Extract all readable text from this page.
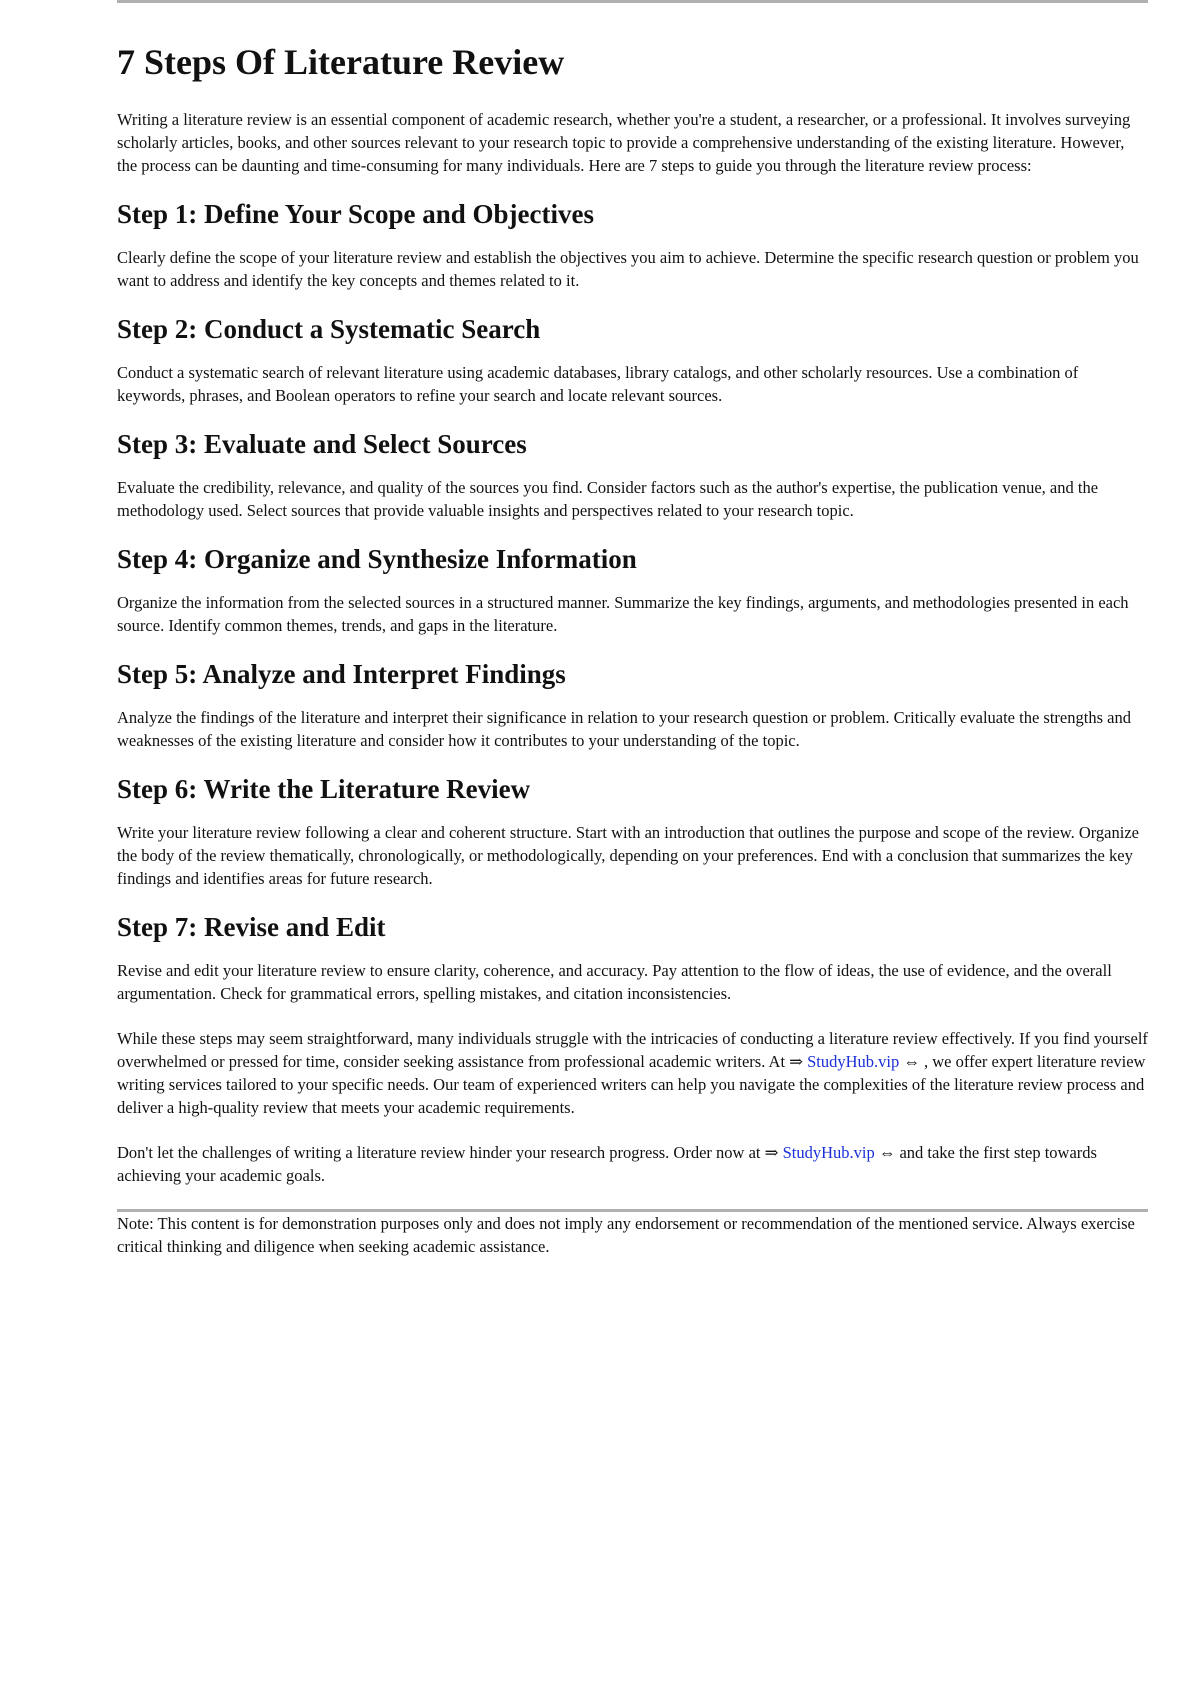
7 Steps Of Literature Review

Writing a literature review is an essential component of academic research, whether you're a student, a researcher, or a professional. It involves surveying scholarly articles, books, and other sources relevant to your research topic to provide a comprehensive understanding of the existing literature. However, the process can be daunting and time-consuming for many individuals. Here are 7 steps to guide you through the literature review process:

Step 1: Define Your Scope and Objectives

Clearly define the scope of your literature review and establish the objectives you aim to achieve. Determine the specific research question or problem you want to address and identify the key concepts and themes related to it.

Step 2: Conduct a Systematic Search

Conduct a systematic search of relevant literature using academic databases, library catalogs, and other scholarly resources. Use a combination of keywords, phrases, and Boolean operators to refine your search and locate relevant sources.

Step 3: Evaluate and Select Sources

Evaluate the credibility, relevance, and quality of the sources you find. Consider factors such as the author's expertise, the publication venue, and the methodology used. Select sources that provide valuable insights and perspectives related to your research topic.

Step 4: Organize and Synthesize Information

Organize the information from the selected sources in a structured manner. Summarize the key findings, arguments, and methodologies presented in each source. Identify common themes, trends, and gaps in the literature.

Step 5: Analyze and Interpret Findings

Analyze the findings of the literature and interpret their significance in relation to your research question or problem. Critically evaluate the strengths and weaknesses of the existing literature and consider how it contributes to your understanding of the topic.

Step 6: Write the Literature Review

Write your literature review following a clear and coherent structure. Start with an introduction that outlines the purpose and scope of the review. Organize the body of the review thematically, chronologically, or methodologically, depending on your preferences. End with a conclusion that summarizes the key findings and identifies areas for future research.

Step 7: Revise and Edit

Revise and edit your literature review to ensure clarity, coherence, and accuracy. Pay attention to the flow of ideas, the use of evidence, and the overall argumentation. Check for grammatical errors, spelling mistakes, and citation inconsistencies.

While these steps may seem straightforward, many individuals struggle with the intricacies of conducting a literature review effectively. If you find yourself overwhelmed or pressed for time, consider seeking assistance from professional academic writers. At ⇒ StudyHub.vip ⇔ , we offer expert literature review writing services tailored to your specific needs. Our team of experienced writers can help you navigate the complexities of the literature review process and deliver a high-quality review that meets your academic requirements.

Don't let the challenges of writing a literature review hinder your research progress. Order now at ⇒ StudyHub.vip ⇔ and take the first step towards achieving your academic goals.

Note: This content is for demonstration purposes only and does not imply any endorsement or recommendation of the mentioned service. Always exercise critical thinking and diligence when seeking academic assistance.
